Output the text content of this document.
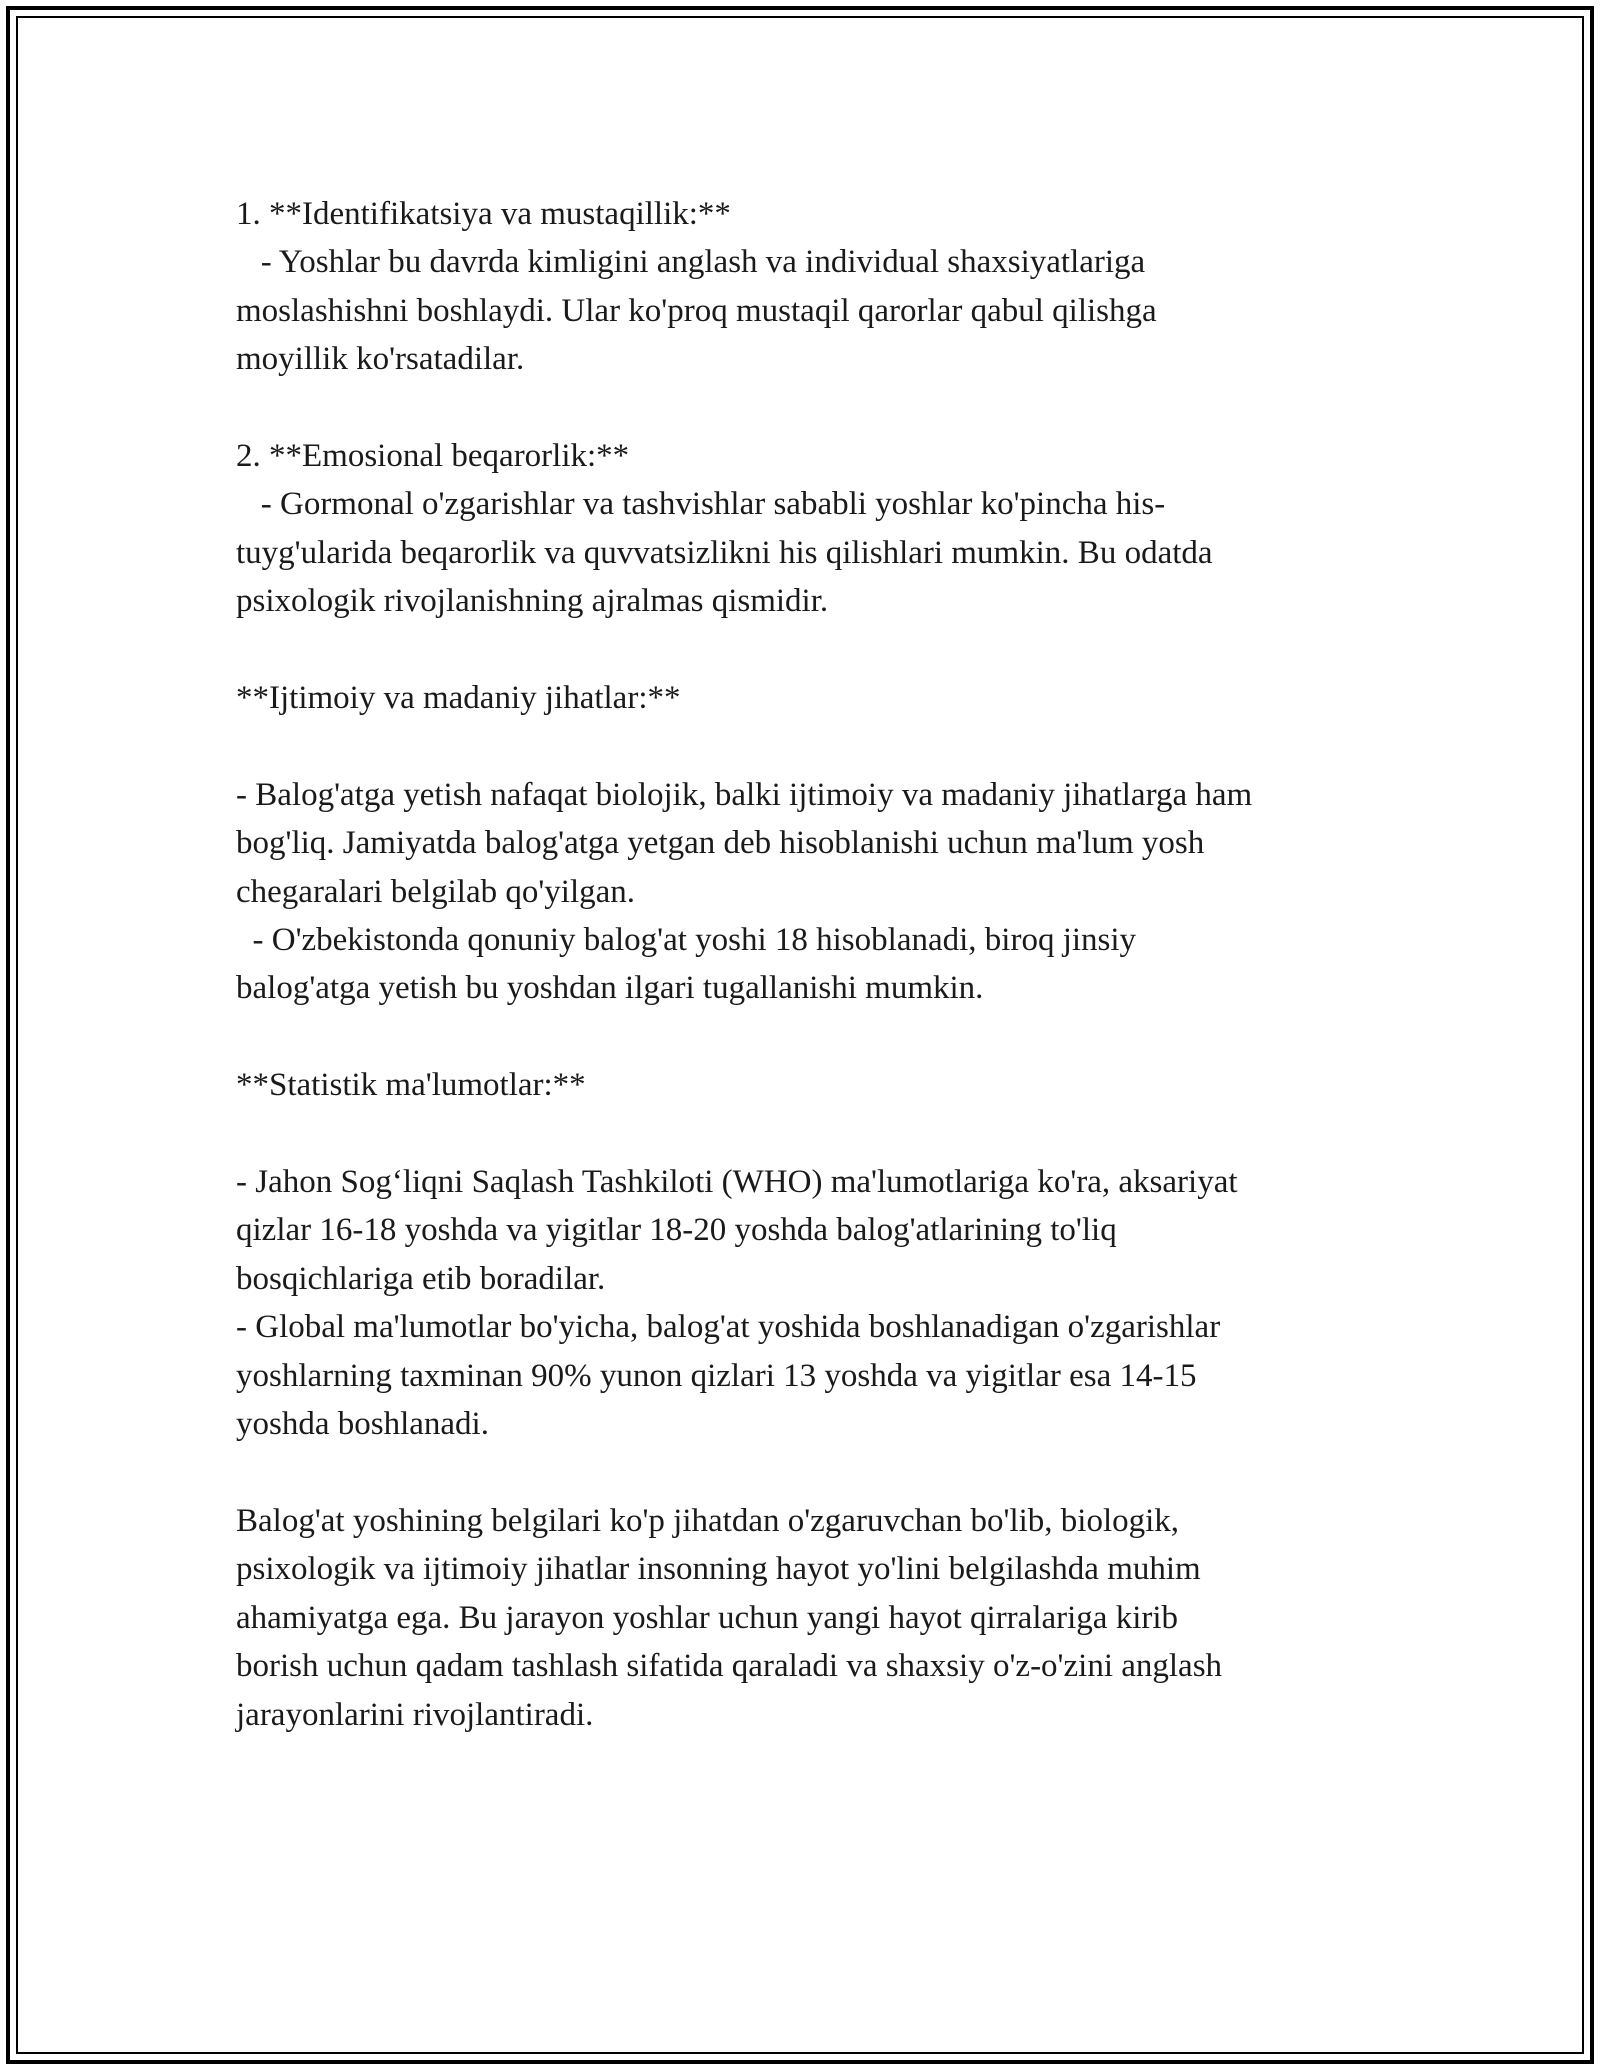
1. **Identifikatsiya va mustaqillik:**
- Yoshlar bu davrda kimligini anglash va individual shaxsiyatlariga
moslashishni boshlaydi. Ular ko'proq mustaqil qarorlar qabul qilishga
moyillik ko'rsatadilar.
2. **Emosional beqarorlik:**
- Gormonal o'zgarishlar va tashvishlar sababli yoshlar ko'pincha his-
tuyg'ularida beqarorlik va quvvatsizlikni his qilishlari mumkin. Bu odatda
psixologik rivojlanishning ajralmas qismidir.
**Ijtimoiy va madaniy jihatlar:**
- Balog'atga yetish nafaqat biolojik, balki ijtimoiy va madaniy jihatlarga ham
bog'liq. Jamiyatda balog'atga yetgan deb hisoblanishi uchun ma'lum yosh
chegaralari belgilab qo'yilgan.
- O'zbekistonda qonuniy balog'at yoshi 18 hisoblanadi, biroq jinsiy
balog'atga yetish bu yoshdan ilgari tugallanishi mumkin.
**Statistik ma'lumotlar:**
- Jahon Sog‘liqni Saqlash Tashkiloti (WHO) ma'lumotlariga ko'ra, aksariyat
qizlar 16-18 yoshda va yigitlar 18-20 yoshda balog'atlarining to'liq
bosqichlariga etib boradilar.
- Global ma'lumotlar bo'yicha, balog'at yoshida boshlanadigan o'zgarishlar
yoshlarning taxminan 90% yunon qizlari 13 yoshda va yigitlar esa 14-15
yoshda boshlanadi.
Balog'at yoshining belgilari ko'p jihatdan o'zgaruvchan bo'lib, biologik,
psixologik va ijtimoiy jihatlar insonning hayot yo'lini belgilashda muhim
ahamiyatga ega. Bu jarayon yoshlar uchun yangi hayot qirralariga kirib
borish uchun qadam tashlash sifatida qaraladi va shaxsiy o'z-o'zini anglash
jarayonlarini rivojlantiradi.
